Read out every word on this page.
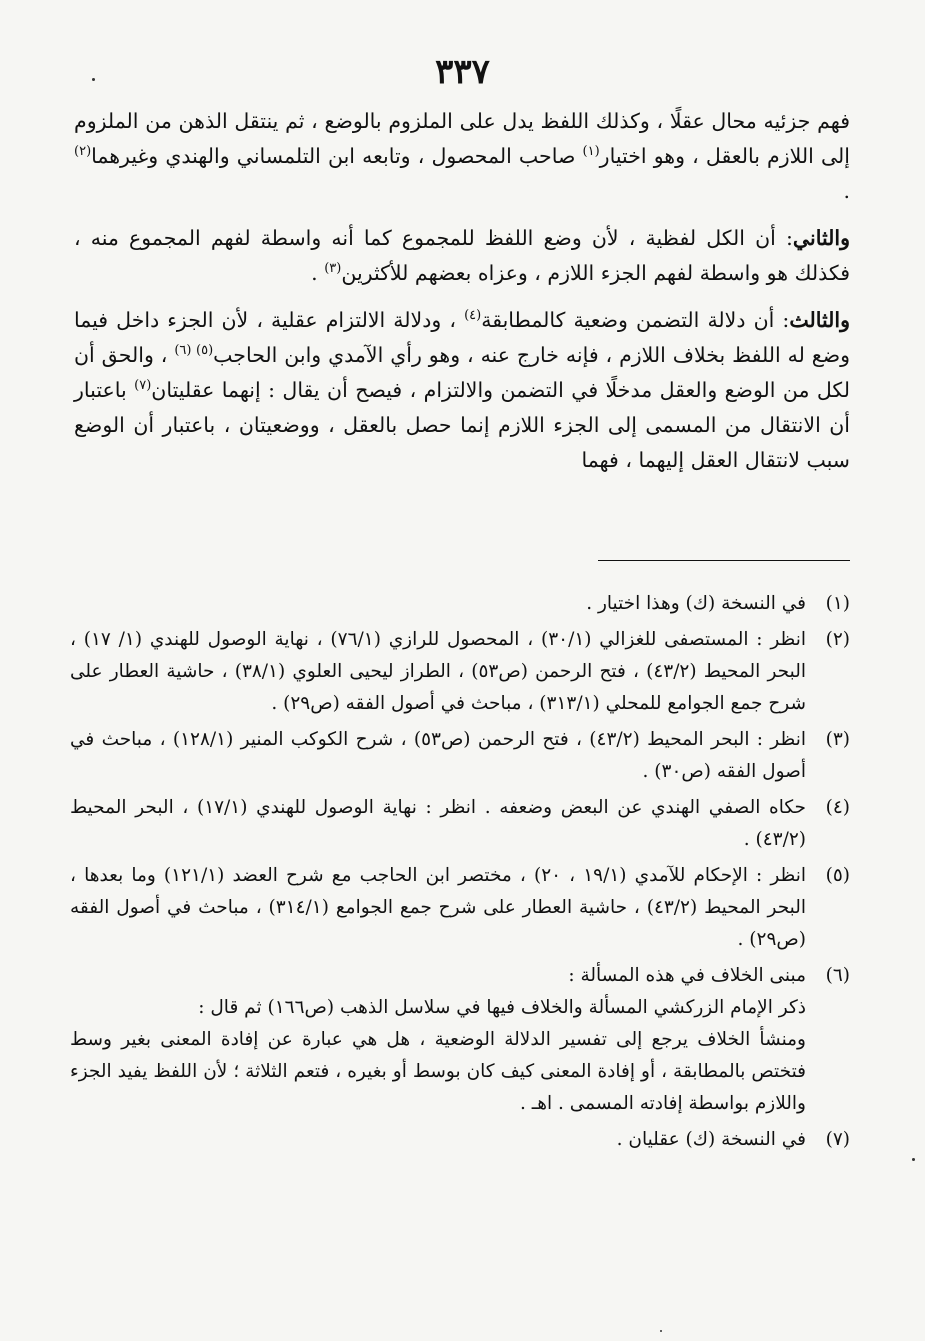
٣٣٧

فهم جزئيه محال عقلًا ، وكذلك اللفظ يدل على الملزوم بالوضع ، ثم ينتقل الذهن من الملزوم إلى اللازم بالعقل ، وهو اختيار$^{(١)}$ صاحب المحصول ، وتابعه ابن التلمساني والهندي وغيرهما$^{(٢)}$ .

والثاني: أن الكل لفظية ، لأن وضع اللفظ للمجموع كما أنه واسطة لفهم المجموع منه ، فكذلك هو واسطة لفهم الجزء اللازم ، وعزاه بعضهم للأكثرين$^{(٣)}$ .

والثالث: أن دلالة التضمن وضعية كالمطابقة$^{(٤)}$ ، ودلالة الالتزام عقلية ، لأن الجزء داخل فيما وضع له اللفظ بخلاف اللازم ، فإنه خارج عنه ، وهو رأي الآمدي وابن الحاجب$^{(٥) (٦)}$ ، والحق أن لكل من الوضع والعقل مدخلًا في التضمن والالتزام ، فيصح أن يقال : إنهما عقليتان$^{(٧)}$ باعتبار أن الانتقال من المسمى إلى الجزء اللازم إنما حصل بالعقل ، ووضعيتان ، باعتبار أن الوضع سبب لانتقال العقل إليهما ، فهما

(١)
في النسخة (ك) وهذا اختيار .
(٢)
انظر : المستصفى للغزالي (٣٠/١) ، المحصول للرازي (٧٦/١) ، نهاية الوصول للهندي (١/ ١٧) ، البحر المحيط (٤٣/٢) ، فتح الرحمن (ص٥٣) ، الطراز ليحيى العلوي (٣٨/١) ، حاشية العطار على شرح جمع الجوامع للمحلي (٣١٣/١) ، مباحث في أصول الفقه (ص٢٩) .
(٣)
انظر : البحر المحيط (٤٣/٢) ، فتح الرحمن (ص٥٣) ، شرح الكوكب المنير (١٢٨/١) ، مباحث في أصول الفقه (ص٣٠) .
(٤)
حكاه الصفي الهندي عن البعض وضعفه . انظر : نهاية الوصول للهندي (١٧/١) ، البحر المحيط (٤٣/٢) .
(٥)
انظر : الإحكام للآمدي (١٩/١ ، ٢٠) ، مختصر ابن الحاجب مع شرح العضد (١٢١/١) وما بعدها ، البحر المحيط (٤٣/٢) ، حاشية العطار على شرح جمع الجوامع (٣١٤/١) ، مباحث في أصول الفقه (ص٢٩) .
(٦)
مبنى الخلاف في هذه المسألة :
ذكر الإمام الزركشي المسألة والخلاف فيها في سلاسل الذهب (ص١٦٦) ثم قال :
ومنشأ الخلاف يرجع إلى تفسير الدلالة الوضعية ، هل هي عبارة عن إفادة المعنى بغير وسط فتختص بالمطابقة ، أو إفادة المعنى كيف كان بوسط أو بغيره ، فتعم الثلاثة ؛ لأن اللفظ يفيد الجزء واللازم بواسطة إفادته المسمى . اهـ .
(٧)
في النسخة (ك) عقليان .
